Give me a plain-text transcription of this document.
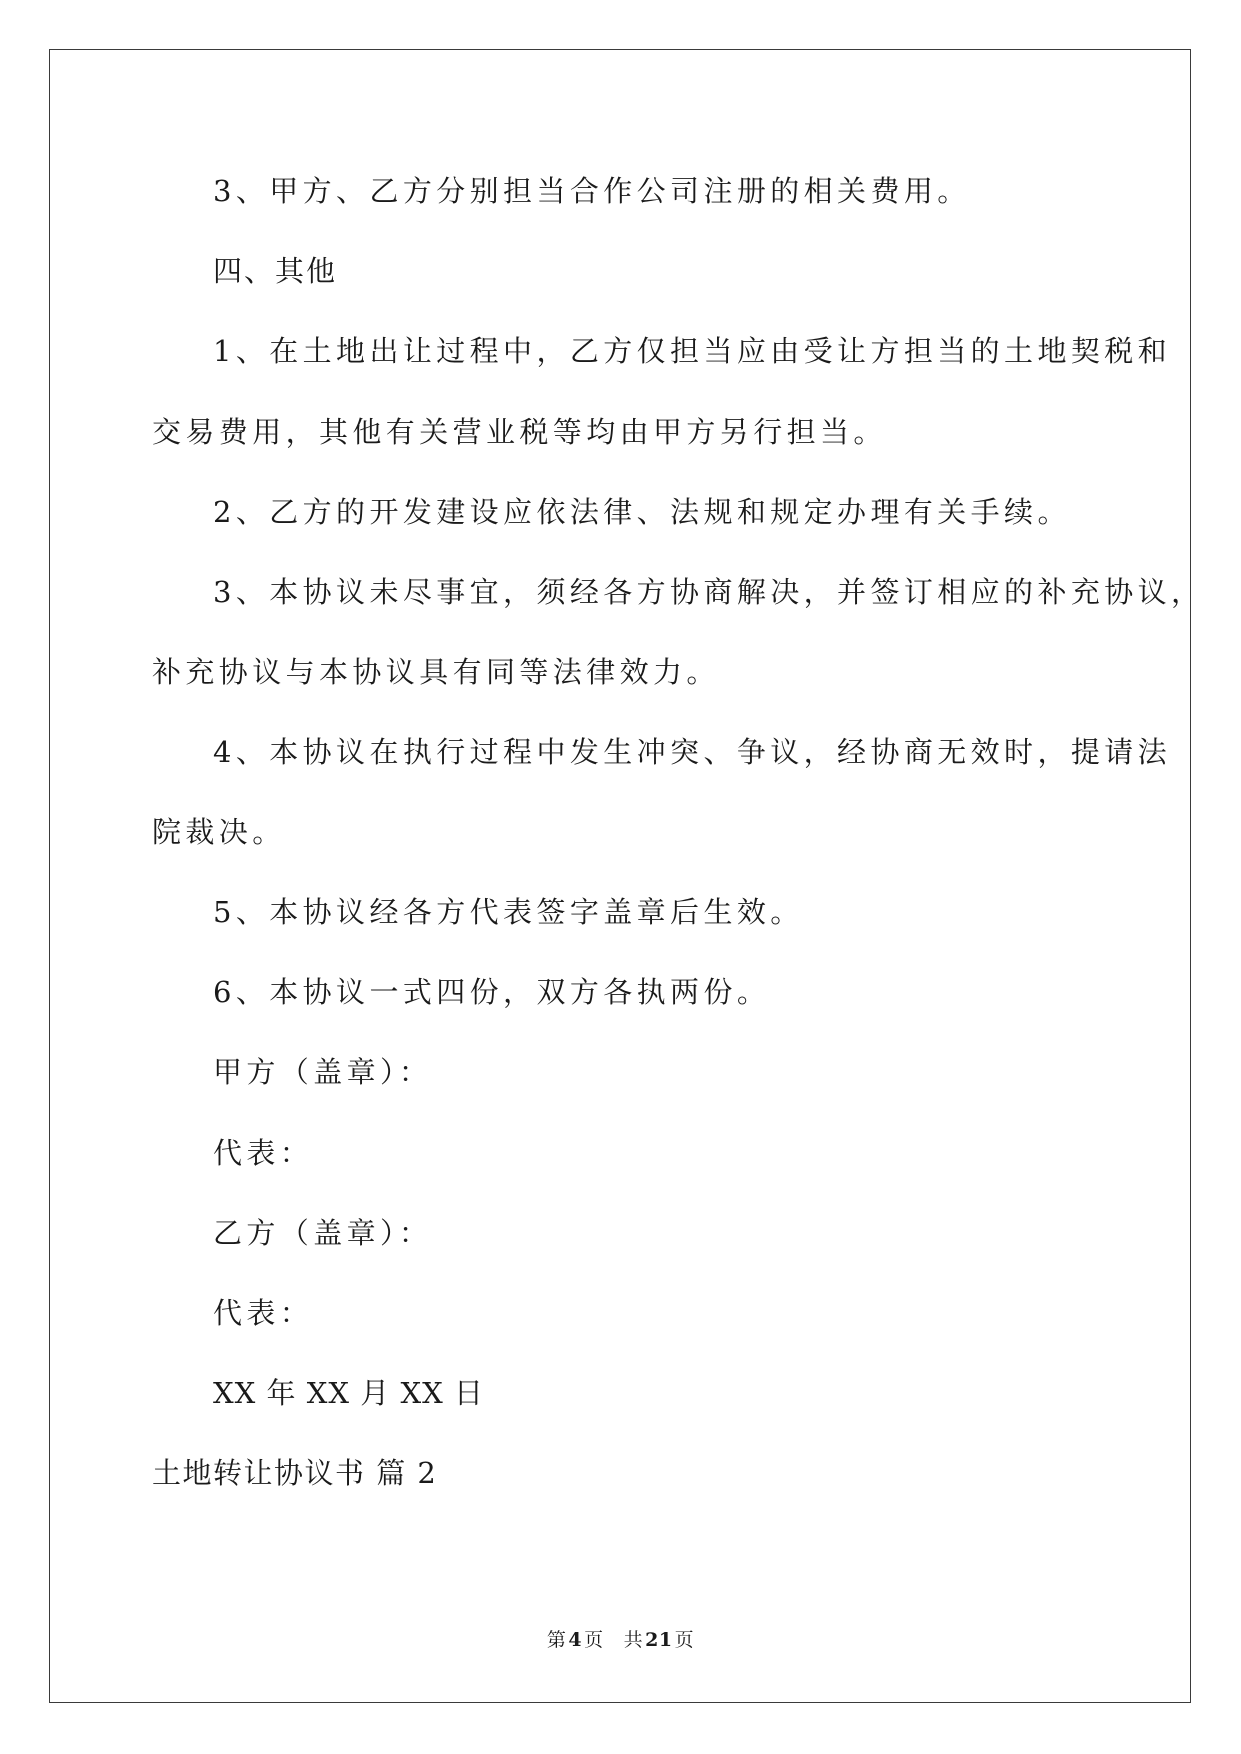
3、甲方、乙方分别担当合作公司注册的相关费用。
四、其他
1、在土地出让过程中，乙方仅担当应由受让方担当的土地契税和
交易费用，其他有关营业税等均由甲方另行担当。
2、乙方的开发建设应依法律、法规和规定办理有关手续。
3、本协议未尽事宜，须经各方协商解决，并签订相应的补充协议，
补充协议与本协议具有同等法律效力。
4、本协议在执行过程中发生冲突、争议，经协商无效时，提请法
院裁决。
5、本协议经各方代表签字盖章后生效。
6、本协议一式四份，双方各执两份。
甲方（盖章）：
代表：
乙方（盖章）：
代表：
XX 年 XX 月 XX 日
土地转让协议书 篇 2
第 4 页 共 21 页
